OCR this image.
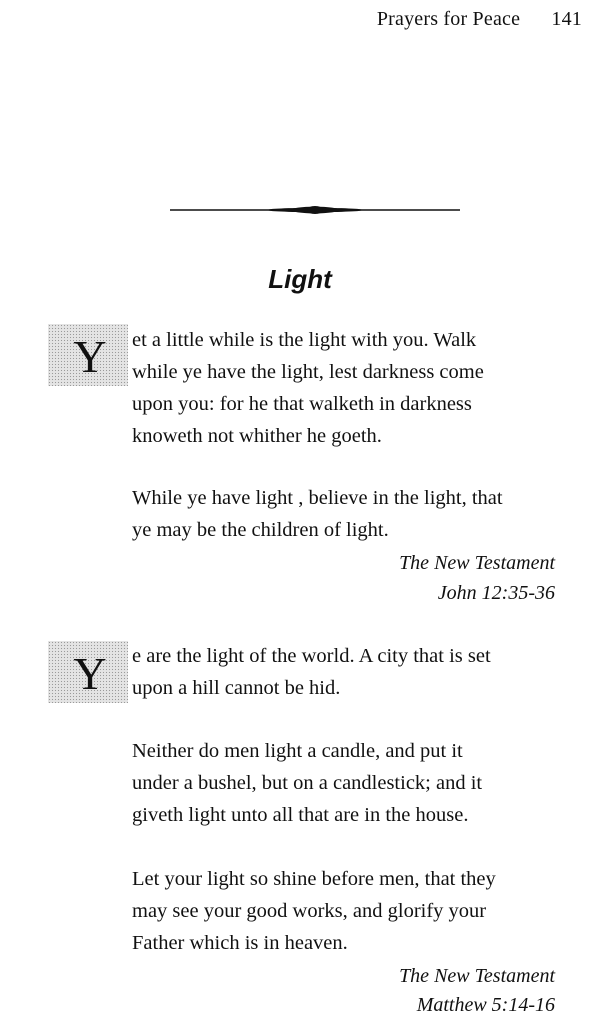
Prayers for Peace 141
Light
Y et a little while is the light with you. Walk
while ye have the light, lest darkness come
upon you: for he that walketh in darkness
knoweth not whither he goeth.
While ye have light , believe in the light, that
ye may be the children of light.
The New Testament
John 12:35-36
Y e are the light of the world. A city that is set
upon a hill cannot be hid.
Neither do men light a candle, and put it
under a bushel, but on a candlestick; and it
giveth light unto all that are in the house.
Let your light so shine before men, that they
may see your good works, and glorify your
Father which is in heaven.
The New Testament
Matthew 5:14-16
